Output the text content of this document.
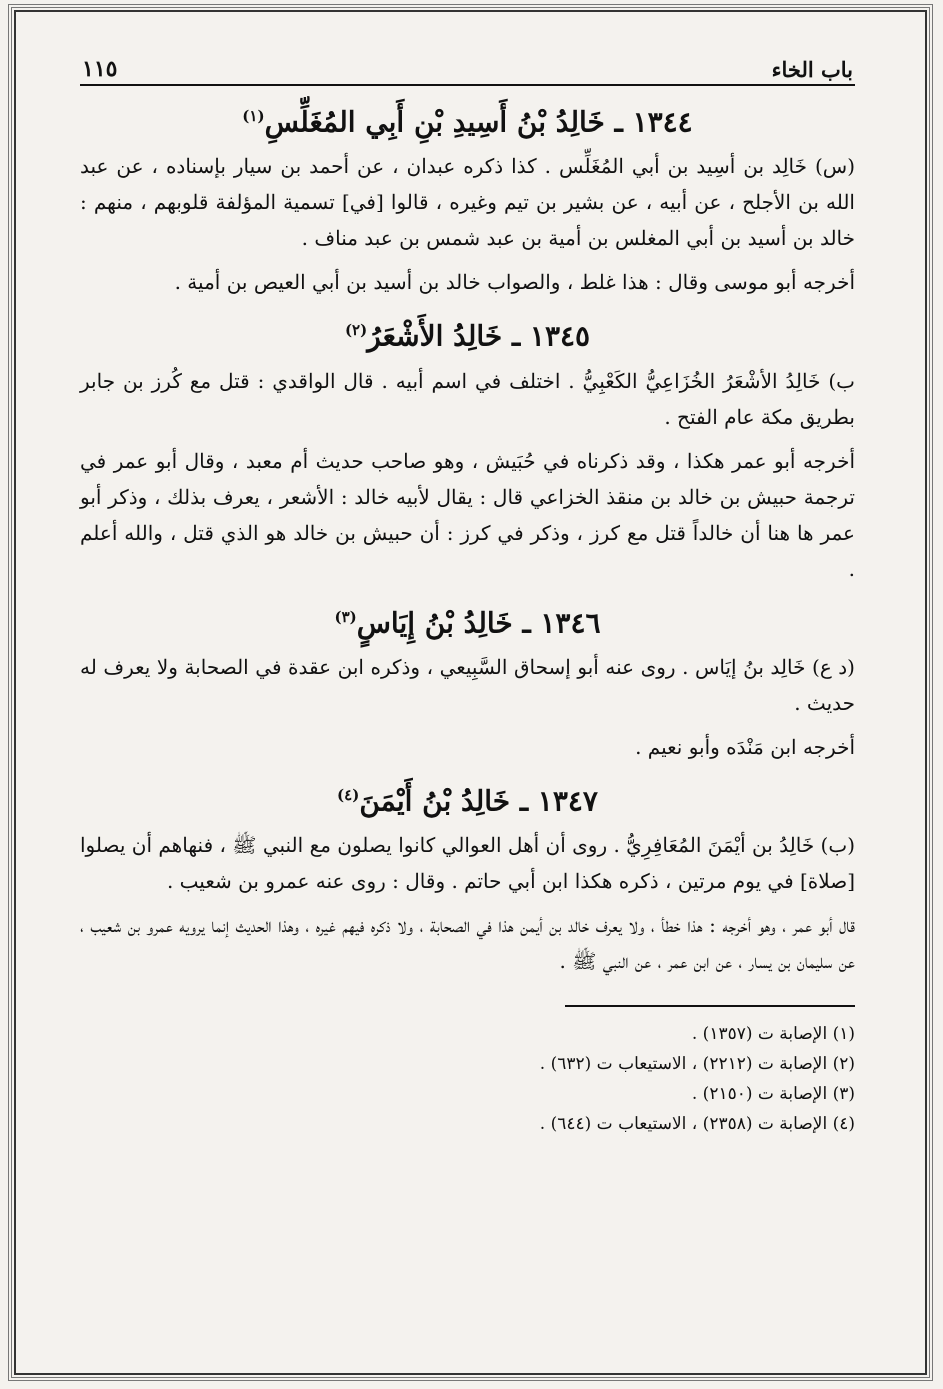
باب الخاء
١١٥
١٣٤٤ ـ خَالِدُ بْنُ أَسِيدِ بْنِ أَبِي المُغَلِّسِ$^{(١)}$

(س) خَالِد بن أسِيد بن أبي المُغَلِّس . كذا ذكره عبدان ، عن أحمد بن سيار بإسناده ، عن عبد الله بن الأجلح ، عن أبيه ، عن بشير بن تيم وغيره ، قالوا [في] تسمية المؤلفة قلوبهم ، منهم : خالد بن أسيد بن أبي المغلس بن أمية بن عبد شمس بن عبد مناف .

أخرجه أبو موسى وقال : هذا غلط ، والصواب خالد بن أسيد بن أبي العيص بن أمية .

١٣٤٥ ـ خَالِدُ الأَشْعَرُ$^{(٢)}$

ب) خَالِدُ الأشْعَرُ الخُزَاعِيُّ الكَعْبِيُّ . اختلف في اسم أبيه . قال الواقدي : قتل مع كُرز بن جابر بطريق مكة عام الفتح .

أخرجه أبو عمر هكذا ، وقد ذكرناه في حُبَيش ، وهو صاحب حديث أم معبد ، وقال أبو عمر في ترجمة حبيش بن خالد بن منقذ الخزاعي قال : يقال لأبيه خالد : الأشعر ، يعرف بذلك ، وذكر أبو عمر ها هنا أن خالداً قتل مع كرز ، وذكر في كرز : أن حبيش بن خالد هو الذي قتل ، والله أعلم .

١٣٤٦ ـ خَالِدُ بْنُ إِيَاسٍ$^{(٣)}$

(د ع) خَالِد بنُ إيَاس . روى عنه أبو إسحاق السَّبِيعي ، وذكره ابن عقدة في الصحابة ولا يعرف له حديث .

أخرجه ابن مَنْدَه وأبو نعيم .

١٣٤٧ ـ خَالِدُ بْنُ أَيْمَنَ$^{(٤)}$

(ب) خَالِدُ بن أيْمَنَ المُعَافِرِيُّ . روى أن أهل العوالي كانوا يصلون مع النبي ﷺ ، فنهاهم أن يصلوا [صلاة] في يوم مرتين ، ذكره هكذا ابن أبي حاتم . وقال : روى عنه عمرو بن شعيب .

قال أبو عمر ، وهو أخرجه : هذا خطأ ، ولا يعرف خالد بن أيمن هذا في الصحابة ، ولا ذكره فيهم غيره ، وهذا الحديث إنما يرويه عمرو بن شعيب ، عن سليمان بن يسار ، عن ابن عمر ، عن النبي ﷺ .

(١) الإصابة ت (١٣٥٧) .

(٢) الإصابة ت (٢٢١٢) ، الاستيعاب ت (٦٣٢) .

(٣) الإصابة ت (٢١٥٠) .

(٤) الإصابة ت (٢٣٥٨) ، الاستيعاب ت (٦٤٤) .
